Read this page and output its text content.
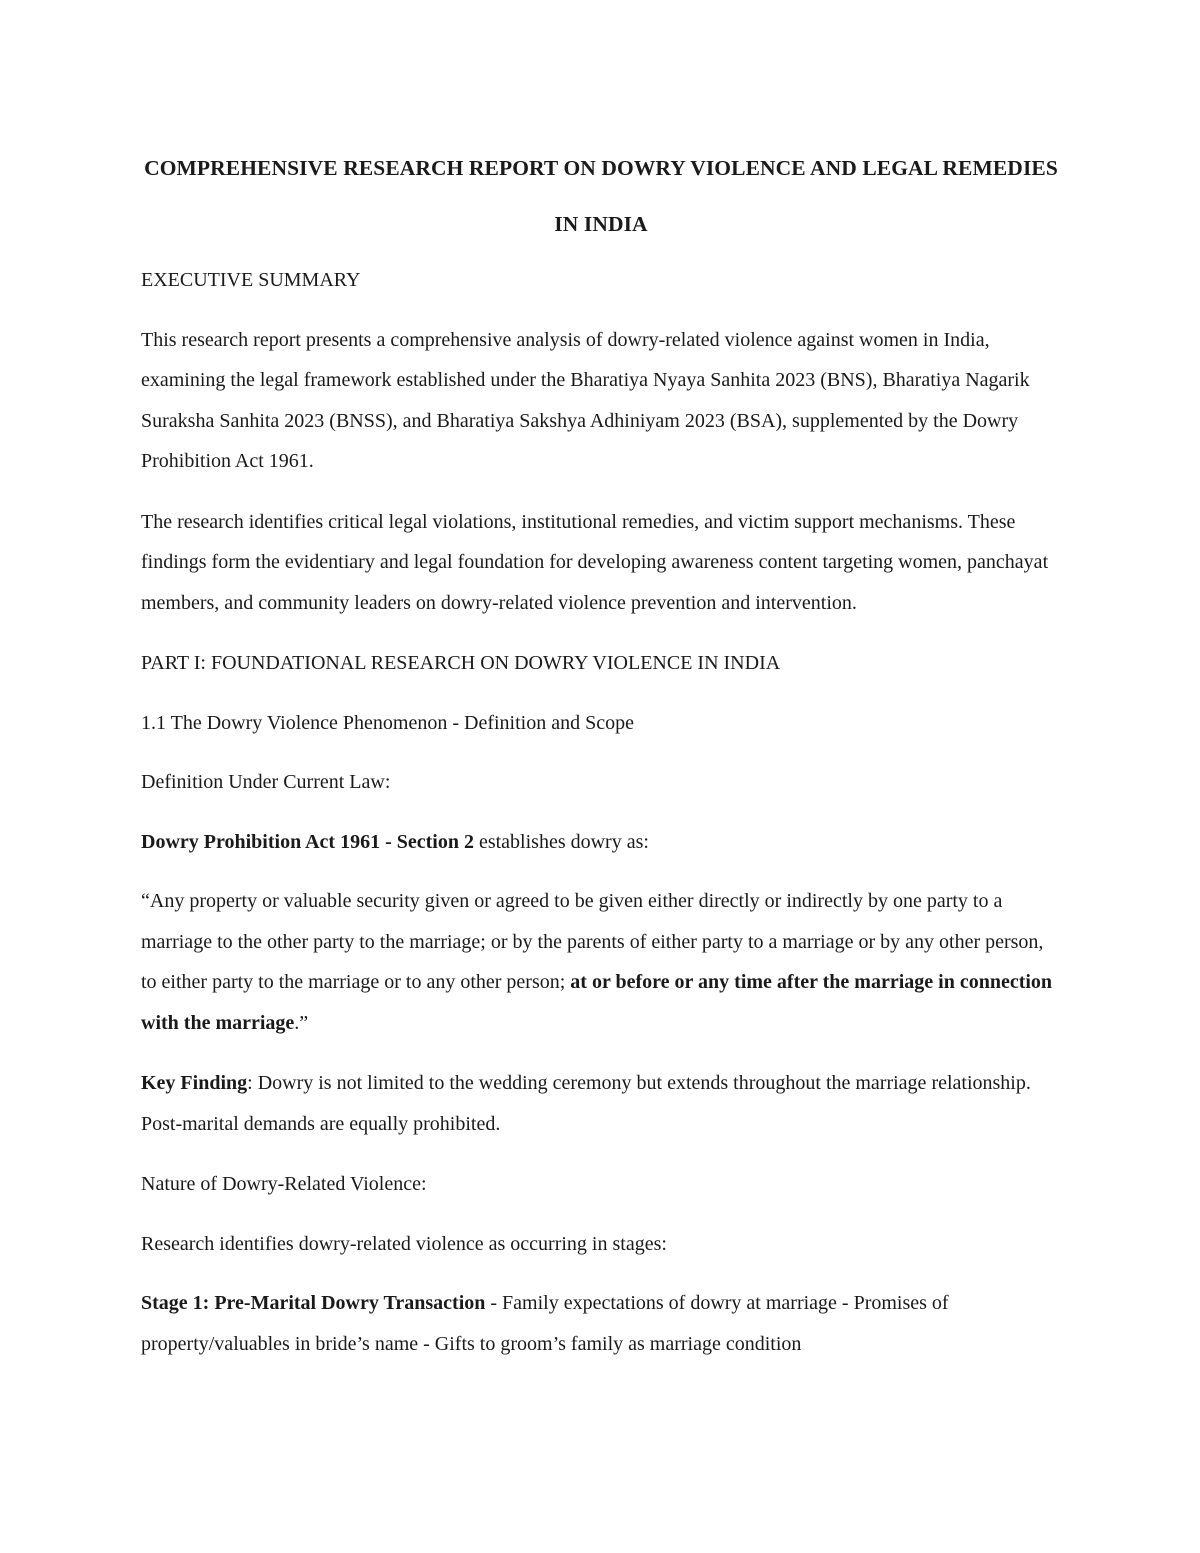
COMPREHENSIVE RESEARCH REPORT ON DOWRY VIOLENCE AND LEGAL REMEDIES IN INDIA

EXECUTIVE SUMMARY

This research report presents a comprehensive analysis of dowry-related violence against women in India, examining the legal framework established under the Bharatiya Nyaya Sanhita 2023 (BNS), Bharatiya Nagarik Suraksha Sanhita 2023 (BNSS), and Bharatiya Sakshya Adhiniyam 2023 (BSA), supplemented by the Dowry Prohibition Act 1961.

The research identifies critical legal violations, institutional remedies, and victim support mechanisms. These findings form the evidentiary and legal foundation for developing awareness content targeting women, panchayat members, and community leaders on dowry-related violence prevention and intervention.

PART I: FOUNDATIONAL RESEARCH ON DOWRY VIOLENCE IN INDIA

1.1 The Dowry Violence Phenomenon - Definition and Scope

Definition Under Current Law:

Dowry Prohibition Act 1961 - Section 2 establishes dowry as:

“Any property or valuable security given or agreed to be given either directly or indirectly by one party to a marriage to the other party to the marriage; or by the parents of either party to a marriage or by any other person, to either party to the marriage or to any other person; at or before or any time after the marriage in connection with the marriage.”

Key Finding: Dowry is not limited to the wedding ceremony but extends throughout the marriage relationship. Post-marital demands are equally prohibited.

Nature of Dowry-Related Violence:

Research identifies dowry-related violence as occurring in stages:

Stage 1: Pre-Marital Dowry Transaction - Family expectations of dowry at marriage - Promises of property/valuables in bride’s name - Gifts to groom’s family as marriage condition
